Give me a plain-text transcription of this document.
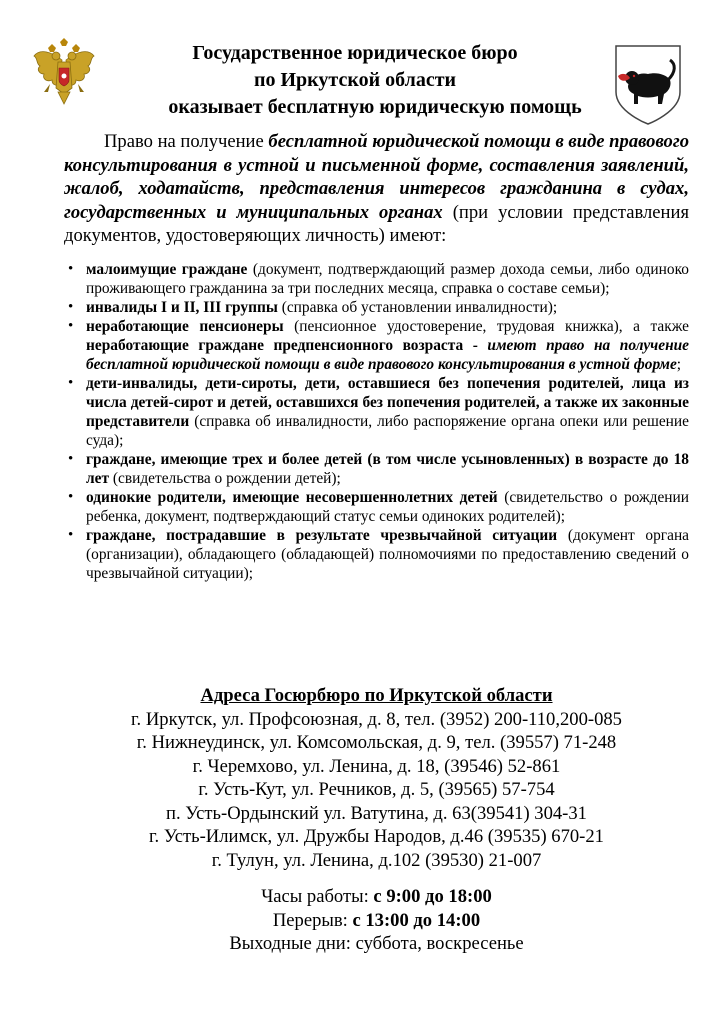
Государственное юридическое бюро
по Иркутской области
оказывает бесплатную юридическую помощь
Право на получение бесплатной юридической помощи в виде правового консультирования в устной и письменной форме, составления заявлений, жалоб, ходатайств, представления интересов гражданина в судах, государственных и муниципальных органах (при условии представления документов, удостоверяющих личность) имеют:
• малоимущие граждане (документ, подтверждающий размер дохода семьи, либо одиноко проживающего гражданина за три последних месяца, справка о составе семьи);
• инвалиды I и II, III группы (справка об установлении инвалидности);
• неработающие пенсионеры (пенсионное удостоверение, трудовая книжка), а также неработающие граждане предпенсионного возраста - имеют право на получение бесплатной юридической помощи в виде правового консультирования в устной форме;
• дети-инвалиды, дети-сироты, дети, оставшиеся без попечения родителей, лица из числа детей-сирот и детей, оставшихся без попечения родителей, а также их законные представители (справка об инвалидности, либо распоряжение органа опеки или решение суда);
• граждане, имеющие трех и более детей (в том числе усыновленных) в возрасте до 18 лет (свидетельства о рождении детей);
• одинокие родители, имеющие несовершеннолетних детей (свидетельство о рождении ребенка, документ, подтверждающий статус семьи одиноких родителей);
• граждане, пострадавшие в результате чрезвычайной ситуации (документ органа (организации), обладающего (обладающей) полномочиями по предоставлению сведений о чрезвычайной ситуации);
Адреса Госюрбюро по Иркутской области
г. Иркутск, ул. Профсоюзная, д. 8, тел. (3952) 200-110,200-085
г. Нижнеудинск, ул. Комсомольская, д. 9, тел. (39557) 71-248
г. Черемхово, ул. Ленина, д. 18, (39546) 52-861
г. Усть-Кут, ул. Речников, д. 5, (39565) 57-754
п. Усть-Ордынский ул. Ватутина, д. 63(39541) 304-31
г. Усть-Илимск, ул. Дружбы Народов, д.46 (39535) 670-21
г. Тулун, ул. Ленина, д.102 (39530) 21-007
Часы работы: с 9:00 до 18:00
Перерыв: с 13:00 до 14:00
Выходные дни: суббота, воскресенье
